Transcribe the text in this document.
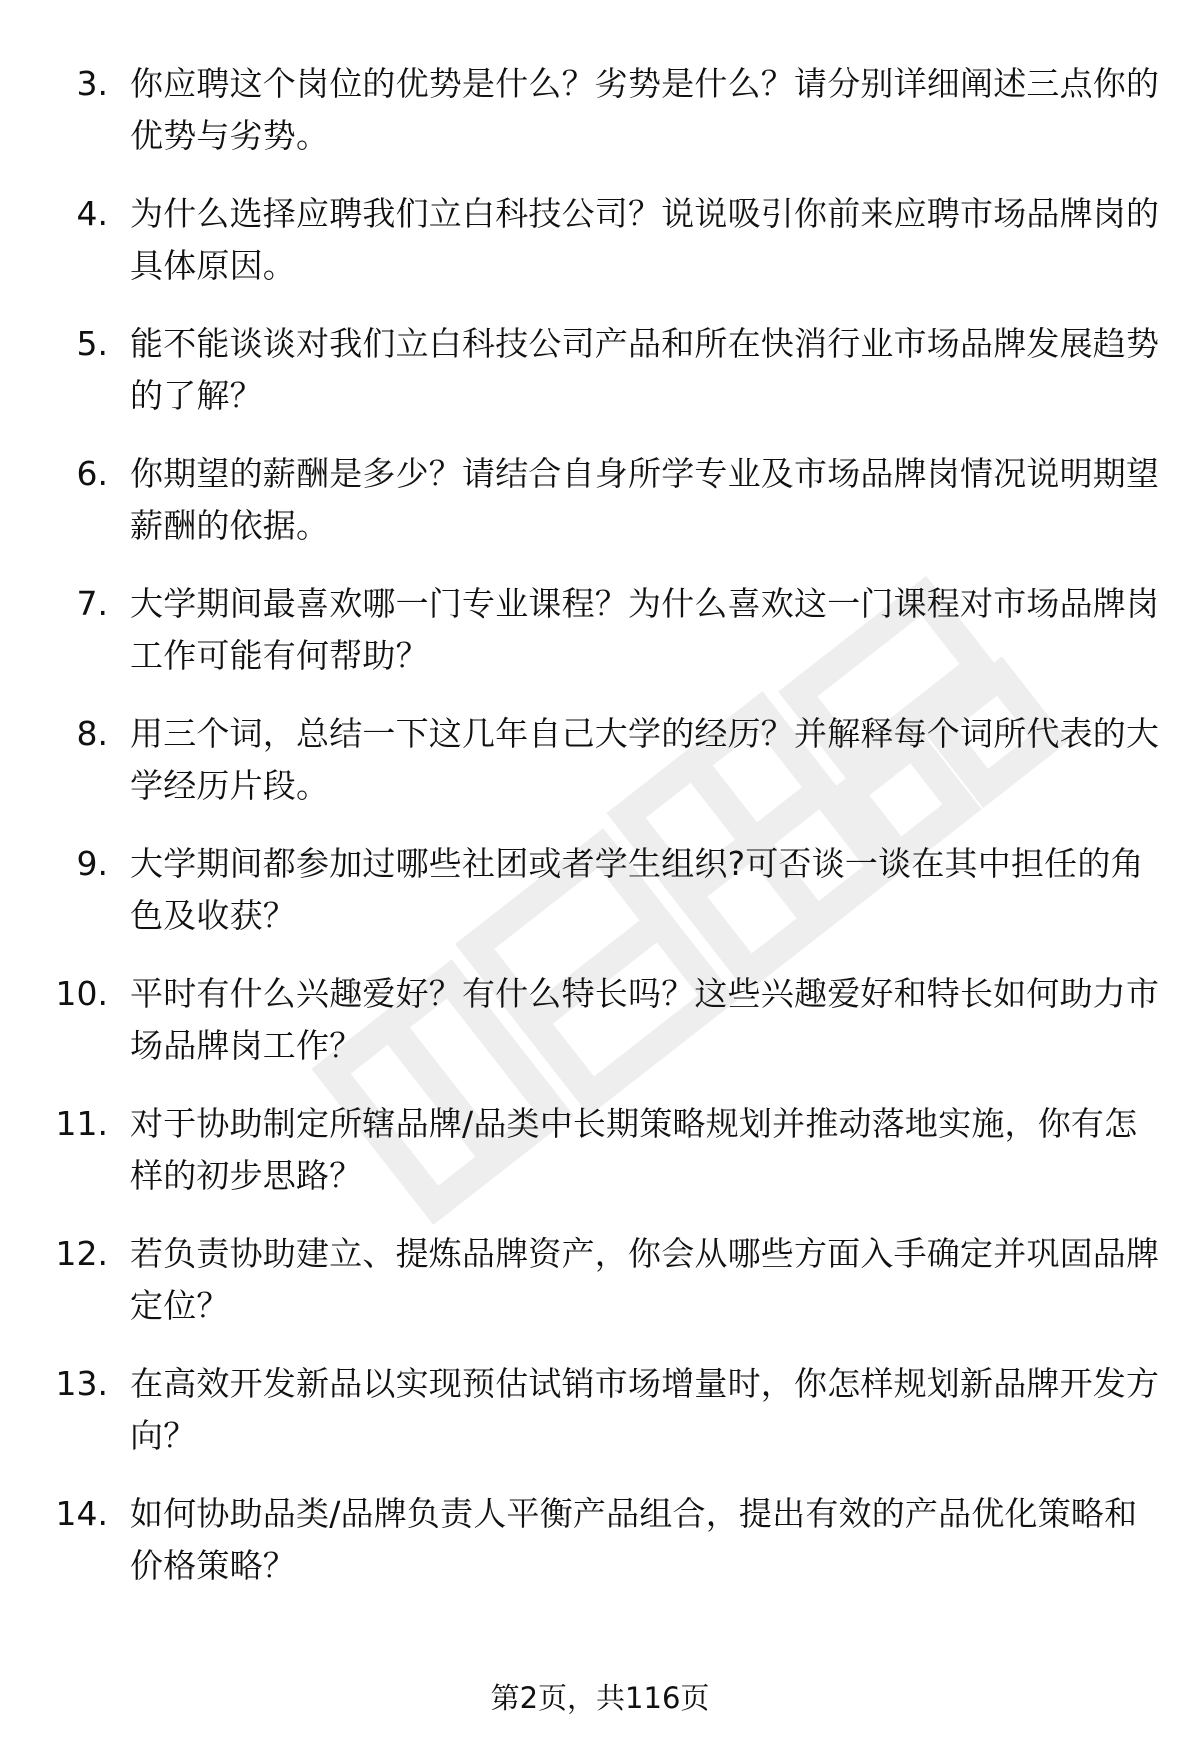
3. 你应聘这个岗位的优势是什么？劣势是什么？请分别详细阐述三点你的优势与劣势。
4. 为什么选择应聘我们立白科技公司？说说吸引你前来应聘市场品牌岗的具体原因。
5. 能不能谈谈对我们立白科技公司产品和所在快消行业市场品牌发展趋势的了解？
6. 你期望的薪酬是多少？请结合自身所学专业及市场品牌岗情况说明期望薪酬的依据。
7. 大学期间最喜欢哪一门专业课程？为什么喜欢这一门课程对市场品牌岗工作可能有何帮助？
8. 用三个词，总结一下这几年自己大学的经历？并解释每个词所代表的大学经历片段。
9. 大学期间都参加过哪些社团或者学生组织?可否谈一谈在其中担任的角色及收获？
10. 平时有什么兴趣爱好？有什么特长吗？这些兴趣爱好和特长如何助力市场品牌岗工作？
11. 对于协助制定所辖品牌/品类中长期策略规划并推动落地实施，你有怎样的初步思路？
12. 若负责协助建立、提炼品牌资产，你会从哪些方面入手确定并巩固品牌定位？
13. 在高效开发新品以实现预估试销市场增量时，你怎样规划新品牌开发方向？
14. 如何协助品类/品牌负责人平衡产品组合，提出有效的产品优化策略和价格策略？
第2页，共116页
